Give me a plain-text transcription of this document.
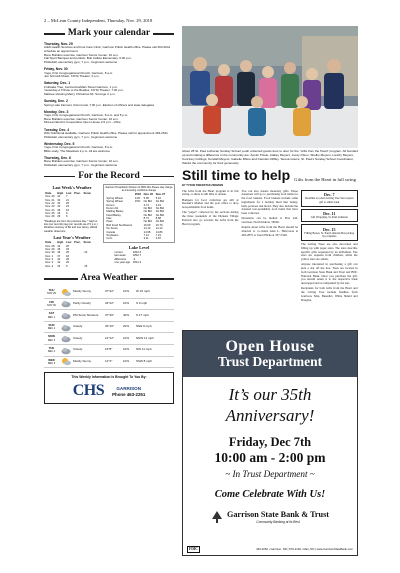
2 – McLean County Independent, Thursday, Nov. 29, 2018
Mark your calendar
Thursday, Nov. 29
Adult Health Services and Foot Care Clinic, Garrison Public Health office. Please call 463-2641 schedule an appointment.
Bone Builders exercise, Garrison Senior Center, 10 a.m.
Fall Sport Banquet and potluck, Bob Callies Elementary, 6:30 p.m.
Pickleball, elementary gym, 7 p.m., beginners welcome
Friday, Nov. 30
Yoga, First Congregational Church, Garrison, 8 a.m.
Joe Schmidt Music, KOTA Theater, 3 p.m.
Saturday, Dec. 1
Fruitcake Tree, Central AveMain Street Garrison, 1 p.m.
Yesterday-A Tribute to the Beatles, KOTA Theater, 7:30 p.m.
Matinee showing Merry Christmas Mr. Scrooge 2 p.m.
Sunday, Dec. 2
Spring Lake Farmers Union local, 7:30 p.m. Election of officers and state delegates
Monday, Dec. 3
Yoga, First Congregational Church, Garrison, 8 a.m. and 5 p.m.
Bone Builders exercise, Garrison Senior Center, 10 a.m.
McLean Electric Cooperative Open House 2-5 p.m., office
Tuesday, Dec. 4
WIC Nutritional available, Garrison Public Health office. Please call for appointment 463-2641
Pickleball, elementary gym, 7 p.m., beginners welcome
Wednesday, Dec. 5
Yoga, First Congregational Church, Garrison, 8 a.m.
Bible study, The Meadows 2 p.m. All are welcome
Thursday, Dec. 6
Bone Builders exercise, Garrison Senior Center, 10 a.m.
Pickleball, elementary gym, 7 p.m., beginners welcome
For the Record
Last Week's Weather
Date	High	Low	Prec.	Snow
Nov. 20	41	7		
Nov. 21	30	21		
Nov. 22	34	25		
Nov. 23	44	23		
Nov. 24	39	16		
Nov. 25	16	9		
Nov. 26	29	6		
*Readings are from the previous day. * High or low (our records) tag (our records as of 5 p.m.) Weather courtesy of Bo and Joe Henry, official weather observers.
Last Year's Weather
Date	High	Low	Prec.	Snow
Nov. 28	43	26		
Nov. 29	46	33		
Nov. 30	46	25		.10
Dec. 1	37	18		
Dec. 2	44	29		
Dec. 3	42	26		
Dec. 4	32	9		.15
Garrison Precipitation Division of DNR 4ths Please stay change as interesting conditions change
	2018	Nov. 26	Nov. 27
Spring Wheat	14%	5.05	5.10
Spring Wheat	15%	No Bid	No Bid
Durum		3.74	4.19
Durum #1		No Bid	No Bid
Malting Barley		No Bid	No Bid
Feed Barley		No Bid	No Bid
Flax		8.73	8.68
Peas		No Bid	No Bid
Bird Food Sunflowers		16.69	16.79
No Sunrs		14.13	14.13
Canola		14.68	14.86
Soybeans		7.14	7.21
Corn		3.11	2.87
Lake Level
current	1842.3
last week	1842.7
difference	-4
one year ago	1841.3
Area Weather
THU
NOV 29
Mostly Sunny	37°22°	10%	W 16 mph
FRI
NOV 30
Partly Cloudy	34°22°	10%	S 9 mph
SAT
DEC 1
PM Snow Showers	37°26°	40%	S 17 mph
SUN
DEC 2
Cloudy	34°16°	20%	NNE 9 mph
MON
DEC 3
Cloudy	21°12°	10%	NNW 11 mph
TUE
DEC 4
Cloudy	16°8°	10%	NW 11 mph
WED
DEC 5
Mostly Sunny	12°4°	10%	SSW 8 mph
This Weekly Information Is Brought To You By:
CHS	GARRISON
Phone 463-2251
About 25 St. Paul Lutheran Sunday School youth collected goods door to door for the “Gifts from the Heart” program. All bundled up and making a difference in the community are: Austin Thiele, Ataliey Meyers, Jessy Olson, Shelby Meyers, Landry Meyers, Courtney Collings, Kendall Meyers, Isabelle Rhine and Camden Diffley. Teresa Gouze, St. Paul's Sunday School Coordinator, thanks the community for their generosity.
Still time to help Gifts from the Heart in full swing
BY TYSON SWEDSTAD ZIEMANN

The Gifts from the Heart program is in full swing, so there is still time to donate.

Hampers for food collection are still at Keenan’s Market and the post office to drop non-perishable food items.

The “paper” collected by the sections during the three weekends of the Dickens Village Festival also go towards the Gifts from the Heart program.

You can also donate monetary gifts. These donations will go to purchasing food items for the food baskets. Food baskets include some ingredients for a holiday meal like turkey, ham, potatoes and bread. They also include the donated non-perishable food items that have been collected.

Donations can be mailed to Box 242, Garrison, North Dakota, 58540.

Inquire about Gifts from the Heart should be directed to co-chairs Alan L. Halvorson at 463-2875 or Jason Hicks at 337-5549.

Dec. 7
Deadline to return Giving Tree Star request gift to either bank
Dec. 11
Gift Wrapping, St. Paul Lutheran
Dec. 15
Filling Boxes, St. Paul Lutheran Box pickup by recipients

The Giving Trees are also decorated and filling up with paper stars. The stars describe specific gifts requested by an individual. The stars are requests from children, while the yellow stars are adults.

Anyone interested in purchasing a gift can pick a star off the tree. Trees are located in both Garrison State Bank and Trust and BNC National Bank. Once you purchase the gift, you should return it to the respective bank unwrapped and accompanied by the star.

Recipients for both Gifts from the Heart and the Giving Tree include families from Garrison, Max, Benedict, White Shield and Douglas.

Open House
Trust Department
It’s our 35th Anniversary!
Friday, Dec 7th
10:00 am - 2:00 pm
~ In Trust Department ~
Come Celebrate With Us!
Garrison State Bank & Trust
Community Banking at its Best
FDIC	463-2262 • Garrison, ND | 679-2140 • Max, ND | www.GarrisonStateBank.com
